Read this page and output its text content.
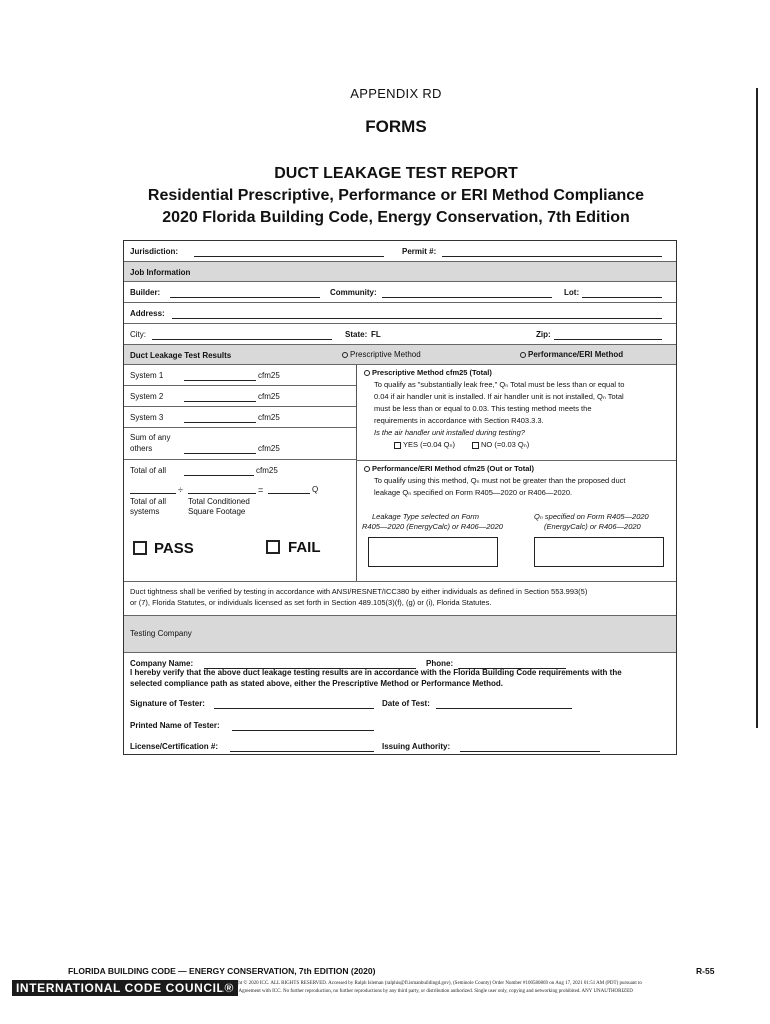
APPENDIX RD
FORMS
DUCT LEAKAGE TEST REPORT
Residential Prescriptive, Performance or ERI Method Compliance
2020 Florida Building Code, Energy Conservation, 7th Edition
Jurisdiction:	Permit #:
Job Information
Builder:	Community:	Lot:
Address:
City:	State: FL	Zip:
Duct Leakage Test Results	Prescriptive Method	Performance/ERI Method
System 1	cfm25
System 2	cfm25
System 3	cfm25
Sum of any
others	cfm25
Total of all	cfm25
÷	=	Q
Total of all
systems
Total Conditioned
Square Footage
PASS	FAIL
Prescriptive Method cfm25 (Total)
To qualify as "substantially leak free," Qₙ Total must be less than or equal to
0.04 if air handler unit is installed. If air handler unit is not installed, Qₙ Total
must be less than or equal to 0.03. This testing method meets the
requirements in accordance with Section R403.3.3.
Is the air handler unit installed during testing?
YES (=0.04 Qₙ)	NO (=0.03 Qₙ)
Performance/ERI Method cfm25 (Out or Total)
To qualify using this method, Qₙ must not be greater than the proposed duct
leakage Qₙ specified on Form R405—2020 or R406—2020.
Leakage Type selected on Form
R405—2020 (EnergyCalc) or R406—2020
Qₙ specified on Form R405—2020
(EnergyCalc) or R406—2020
Duct tightness shall be verified by testing in accordance with ANSI/RESNET/ICC380 by either individuals as defined in Section 553.993(5)
or (7), Florida Statutes, or individuals licensed as set forth in Section 489.105(3)(f), (g) or (i), Florida Statutes.
Testing Company
Company Name:	Phone:
I hereby verify that the above duct leakage testing results are in accordance with the Florida Building Code requirements with the
selected compliance path as stated above, either the Prescriptive Method or Performance Method.
Signature of Tester:	Date of Test:
Printed Name of Tester:
License/Certification #:	Issuing Authority:
FLORIDA BUILDING CODE — ENERGY CONSERVATION, 7th EDITION (2020)	R-55
INTERNATIONAL CODE COUNCIL®
Copyright © 2020 ICC. ALL RIGHTS RESERVED. Accessed by Ralph Isleman (ralphis@fl.ismanbuildingd.gov), (Seminole County) Order Number #100580869 on Aug 17, 2021 01:51 AM (PDT) pursuant to
License Agreement with ICC. No further reproduction, no further reproductions by any third party, or distribution authorized. Single user only, copying and networking prohibited. ANY UNAUTHORIZED
